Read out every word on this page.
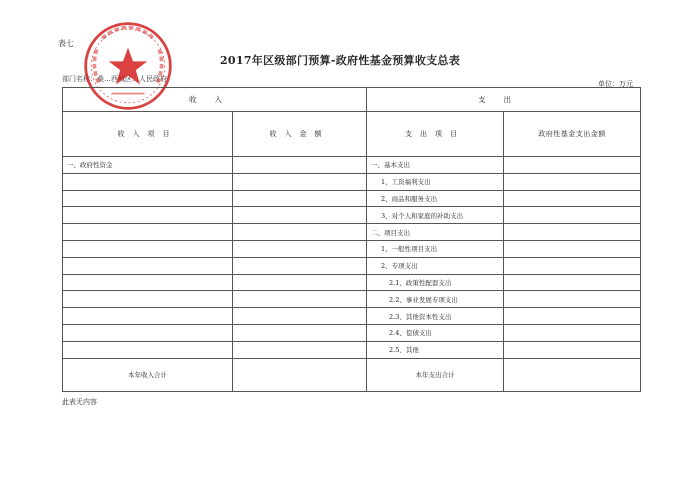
表七
2017年区级部门预算-政府性基金预算收支总表
部门名称：桑…西城区…人民政府
单位：万元
收入		支出	
收入项目	收入金额	支出项目	政府性基金支出金额
一、政府性资金		一、基本支出	
		1、工资福利支出	
		2、商品和服务支出	
		3、对个人和家庭的补助支出	
		二、项目支出	
		1、一般性项目支出	
		2、专项支出	
		2.1、政策性配套支出	
		2.2、事业发展专项支出	
		2.3、其他资本性支出	
		2.4、偿债支出	
		2.5、其他	
本年收入合计		本年支出合计	
此表无内容
